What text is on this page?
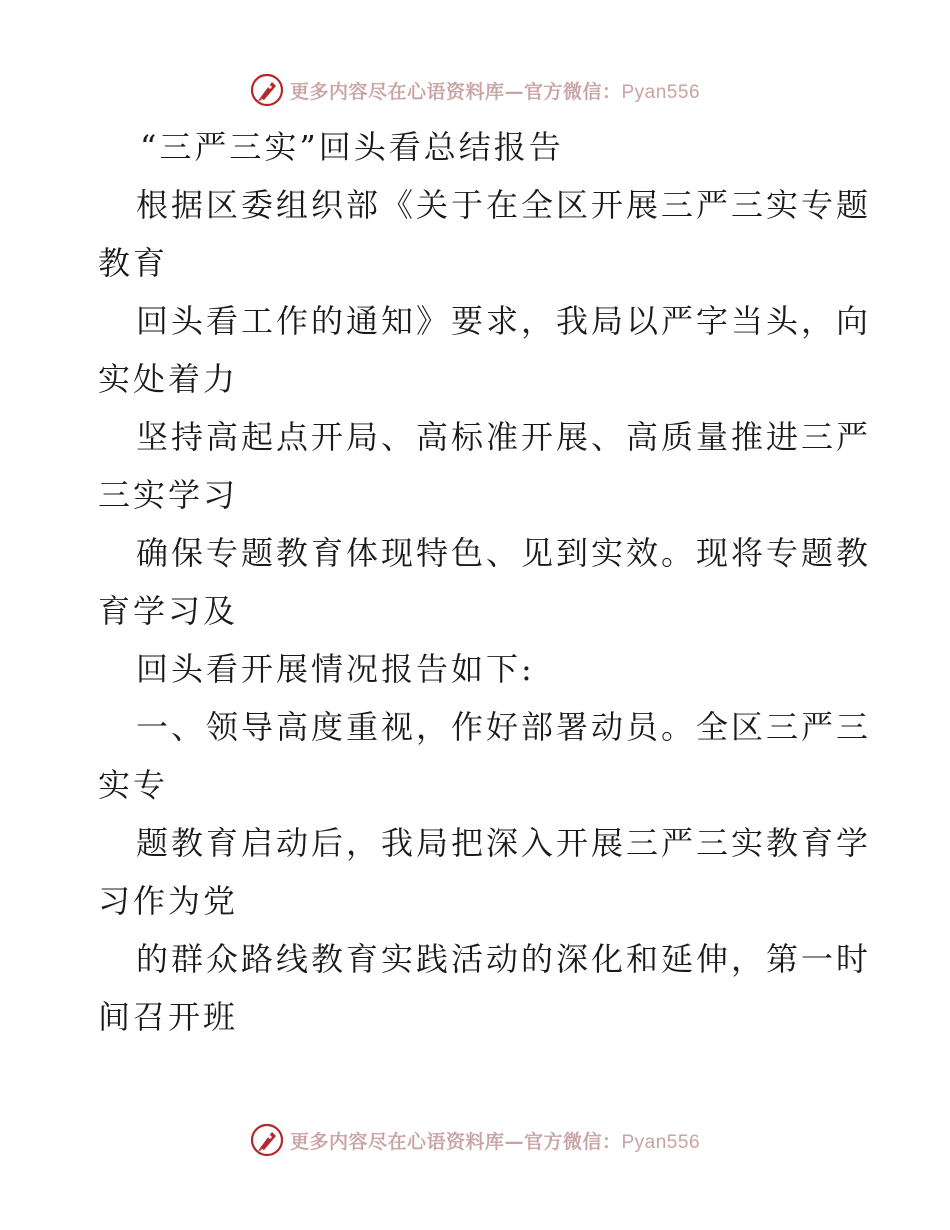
更多内容尽在心语资料库—官方微信：Pyan556
“三严三实”回头看总结报告
根据区委组织部《关于在全区开展三严三实专题
教育
回头看工作的通知》要求，我局以严字当头，向
实处着力
坚持高起点开局、高标准开展、高质量推进三严
三实学习
确保专题教育体现特色、见到实效。现将专题教
育学习及
回头看开展情况报告如下:
一、领导高度重视，作好部署动员。全区三严三
实专
题教育启动后，我局把深入开展三严三实教育学
习作为党
的群众路线教育实践活动的深化和延伸，第一时
间召开班
更多内容尽在心语资料库—官方微信：Pyan556
